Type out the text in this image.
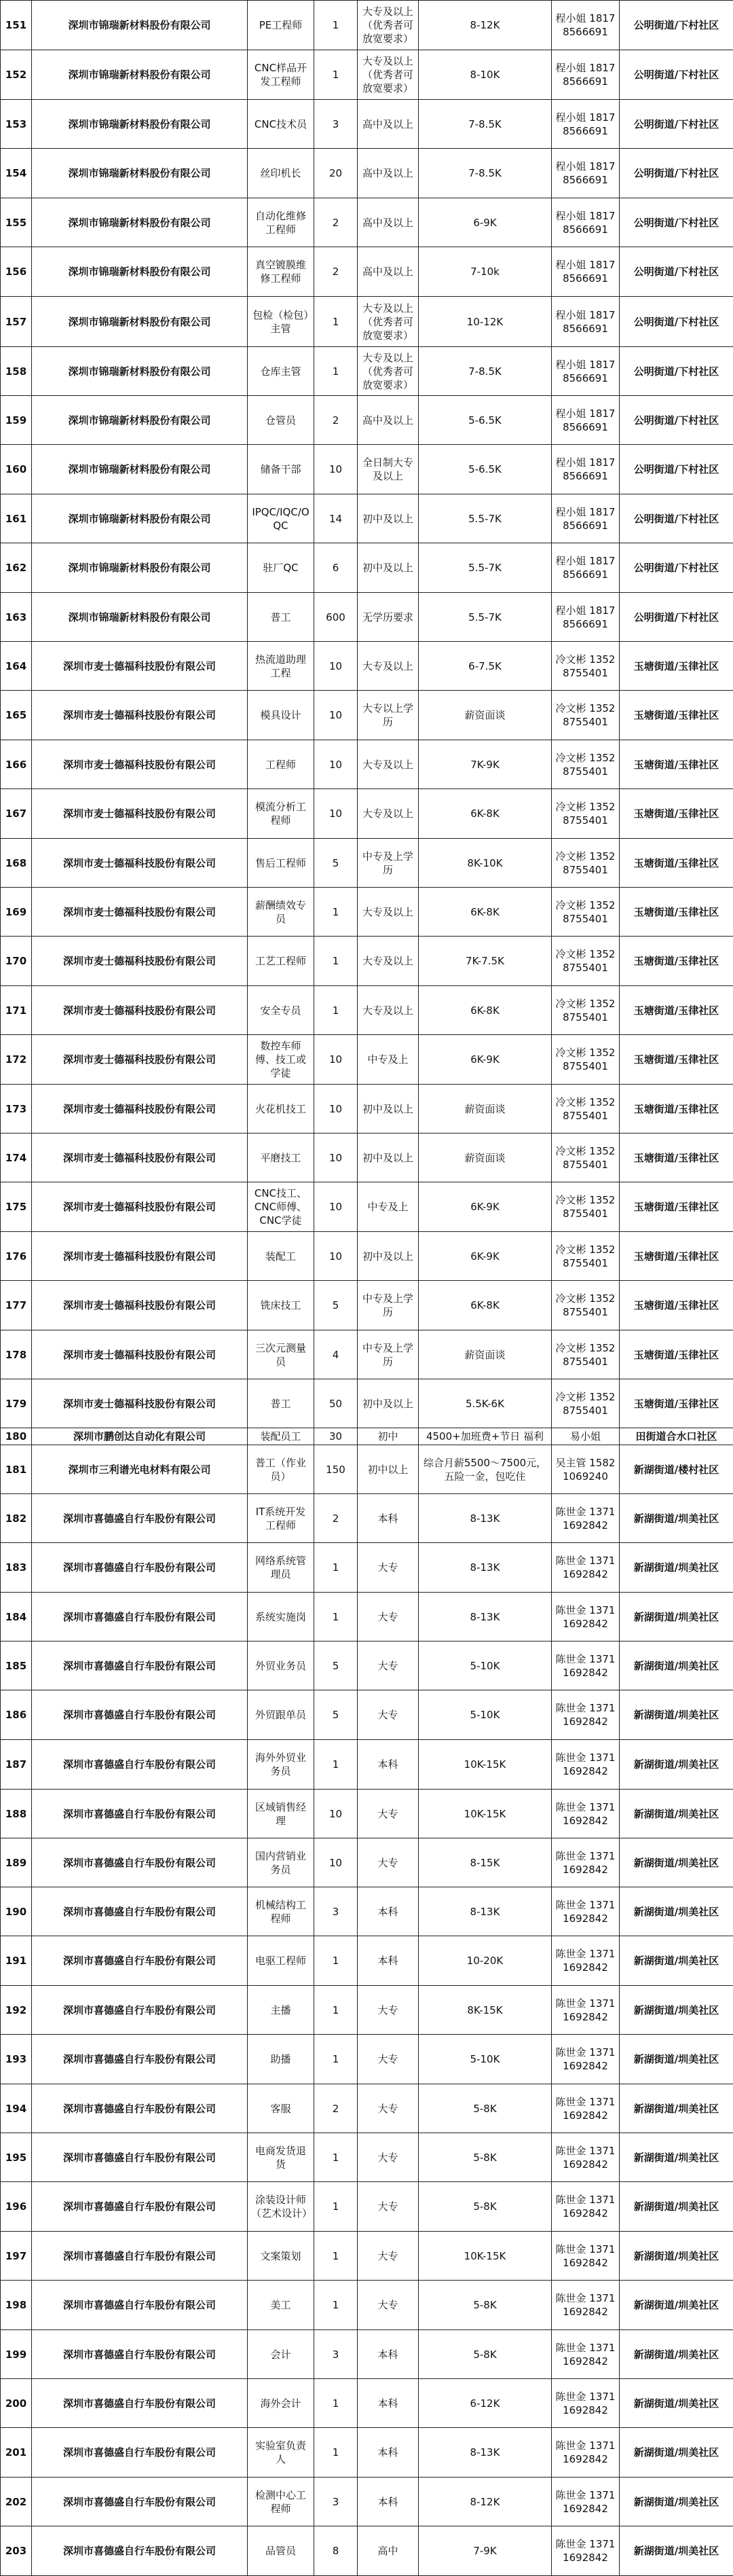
151	深圳市锦瑞新材料股份有限公司	PE工程师	1	大专及以上（优秀者可放宽要求）	8-12K	程小姐 18178566691	公明街道/下村社区
152	深圳市锦瑞新材料股份有限公司	CNC样品开发工程师	1	大专及以上（优秀者可放宽要求）	8-10K	程小姐 18178566691	公明街道/下村社区
153	深圳市锦瑞新材料股份有限公司	CNC技术员	3	高中及以上	7-8.5K	程小姐 18178566691	公明街道/下村社区
154	深圳市锦瑞新材料股份有限公司	丝印机长	20	高中及以上	7-8.5K	程小姐 18178566691	公明街道/下村社区
155	深圳市锦瑞新材料股份有限公司	自动化维修工程师	2	高中及以上	6-9K	程小姐 18178566691	公明街道/下村社区
156	深圳市锦瑞新材料股份有限公司	真空镀膜维修工程师	2	高中及以上	7-10k	程小姐 18178566691	公明街道/下村社区
157	深圳市锦瑞新材料股份有限公司	包检（检包）主管	1	大专及以上（优秀者可放宽要求）	10-12K	程小姐 18178566691	公明街道/下村社区
158	深圳市锦瑞新材料股份有限公司	仓库主管	1	大专及以上（优秀者可放宽要求）	7-8.5K	程小姐 18178566691	公明街道/下村社区
159	深圳市锦瑞新材料股份有限公司	仓管员	2	高中及以上	5-6.5K	程小姐 18178566691	公明街道/下村社区
160	深圳市锦瑞新材料股份有限公司	储备干部	10	全日制大专及以上	5-6.5K	程小姐 18178566691	公明街道/下村社区
161	深圳市锦瑞新材料股份有限公司	IPQC/IQC/OQC	14	初中及以上	5.5-7K	程小姐 18178566691	公明街道/下村社区
162	深圳市锦瑞新材料股份有限公司	驻厂QC	6	初中及以上	5.5-7K	程小姐 18178566691	公明街道/下村社区
163	深圳市锦瑞新材料股份有限公司	普工	600	无学历要求	5.5-7K	程小姐 18178566691	公明街道/下村社区
164	深圳市麦士德福科技股份有限公司	热流道助理工程	10	大专及以上	6-7.5K	冷文彬 13528755401	玉塘街道/玉律社区
165	深圳市麦士德福科技股份有限公司	模具设计	10	大专以上学历	薪资面谈	冷文彬 13528755401	玉塘街道/玉律社区
166	深圳市麦士德福科技股份有限公司	工程师	10	大专及以上	7K-9K	冷文彬 13528755401	玉塘街道/玉律社区
167	深圳市麦士德福科技股份有限公司	模流分析工程师	10	大专及以上	6K-8K	冷文彬 13528755401	玉塘街道/玉律社区
168	深圳市麦士德福科技股份有限公司	售后工程师	5	中专及上学历	8K-10K	冷文彬 13528755401	玉塘街道/玉律社区
169	深圳市麦士德福科技股份有限公司	薪酬绩效专员	1	大专及以上	6K-8K	冷文彬 13528755401	玉塘街道/玉律社区
170	深圳市麦士德福科技股份有限公司	工艺工程师	1	大专及以上	7K-7.5K	冷文彬 13528755401	玉塘街道/玉律社区
171	深圳市麦士德福科技股份有限公司	安全专员	1	大专及以上	6K-8K	冷文彬 13528755401	玉塘街道/玉律社区
172	深圳市麦士德福科技股份有限公司	数控车师傅、技工或学徒	10	中专及上	6K-9K	冷文彬 13528755401	玉塘街道/玉律社区
173	深圳市麦士德福科技股份有限公司	火花机技工	10	初中及以上	薪资面谈	冷文彬 13528755401	玉塘街道/玉律社区
174	深圳市麦士德福科技股份有限公司	平磨技工	10	初中及以上	薪资面谈	冷文彬 13528755401	玉塘街道/玉律社区
175	深圳市麦士德福科技股份有限公司	CNC技工、CNC师傅、CNC学徒	10	中专及上	6K-9K	冷文彬 13528755401	玉塘街道/玉律社区
176	深圳市麦士德福科技股份有限公司	装配工	10	初中及以上	6K-9K	冷文彬 13528755401	玉塘街道/玉律社区
177	深圳市麦士德福科技股份有限公司	铣床技工	5	中专及上学历	6K-8K	冷文彬 13528755401	玉塘街道/玉律社区
178	深圳市麦士德福科技股份有限公司	三次元测量员	4	中专及上学历	薪资面谈	冷文彬 13528755401	玉塘街道/玉律社区
179	深圳市麦士德福科技股份有限公司	普工	50	初中及以上	5.5K-6K	冷文彬 13528755401	玉塘街道/玉律社区
180	深圳市鹏创达自动化有限公司	装配员工	30	初中	4500+加班费+节日 福利	易小姐	田街道合水口社区
181	深圳市三利谱光电材料有限公司	普工（作业员）	150	初中以上	综合月薪5500～7500元，五险一金，包吃住	吴主管 15821069240	新湖街道/楼村社区
182	深圳市喜德盛自行车股份有限公司	IT系统开发工程师	2	本科	8-13K	陈世金 13711692842	新湖街道/圳美社区
183	深圳市喜德盛自行车股份有限公司	网络系统管理员	1	大专	8-13K	陈世金 13711692842	新湖街道/圳美社区
184	深圳市喜德盛自行车股份有限公司	系统实施岗	1	大专	8-13K	陈世金 13711692842	新湖街道/圳美社区
185	深圳市喜德盛自行车股份有限公司	外贸业务员	5	大专	5-10K	陈世金 13711692842	新湖街道/圳美社区
186	深圳市喜德盛自行车股份有限公司	外贸跟单员	5	大专	5-10K	陈世金 13711692842	新湖街道/圳美社区
187	深圳市喜德盛自行车股份有限公司	海外外贸业务员	1	本科	10K-15K	陈世金 13711692842	新湖街道/圳美社区
188	深圳市喜德盛自行车股份有限公司	区域销售经理	10	大专	10K-15K	陈世金 13711692842	新湖街道/圳美社区
189	深圳市喜德盛自行车股份有限公司	国内营销业务员	10	大专	8-15K	陈世金 13711692842	新湖街道/圳美社区
190	深圳市喜德盛自行车股份有限公司	机械结构工程师	3	本科	8-13K	陈世金 13711692842	新湖街道/圳美社区
191	深圳市喜德盛自行车股份有限公司	电驱工程师	1	本科	10-20K	陈世金 13711692842	新湖街道/圳美社区
192	深圳市喜德盛自行车股份有限公司	主播	1	大专	8K-15K	陈世金 13711692842	新湖街道/圳美社区
193	深圳市喜德盛自行车股份有限公司	助播	1	大专	5-10K	陈世金 13711692842	新湖街道/圳美社区
194	深圳市喜德盛自行车股份有限公司	客服	2	大专	5-8K	陈世金 13711692842	新湖街道/圳美社区
195	深圳市喜德盛自行车股份有限公司	电商发货退货	1	大专	5-8K	陈世金 13711692842	新湖街道/圳美社区
196	深圳市喜德盛自行车股份有限公司	涂装设计师（艺术设计）	1	大专	5-8K	陈世金 13711692842	新湖街道/圳美社区
197	深圳市喜德盛自行车股份有限公司	文案策划	1	大专	10K-15K	陈世金 13711692842	新湖街道/圳美社区
198	深圳市喜德盛自行车股份有限公司	美工	1	大专	5-8K	陈世金 13711692842	新湖街道/圳美社区
199	深圳市喜德盛自行车股份有限公司	会计	3	本科	5-8K	陈世金 13711692842	新湖街道/圳美社区
200	深圳市喜德盛自行车股份有限公司	海外会计	1	本科	6-12K	陈世金 13711692842	新湖街道/圳美社区
201	深圳市喜德盛自行车股份有限公司	实验室负责人	1	本科	8-13K	陈世金 13711692842	新湖街道/圳美社区
202	深圳市喜德盛自行车股份有限公司	检测中心工程师	3	本科	8-12K	陈世金 13711692842	新湖街道/圳美社区
203	深圳市喜德盛自行车股份有限公司	品管员	8	高中	7-9K	陈世金 13711692842	新湖街道/圳美社区
